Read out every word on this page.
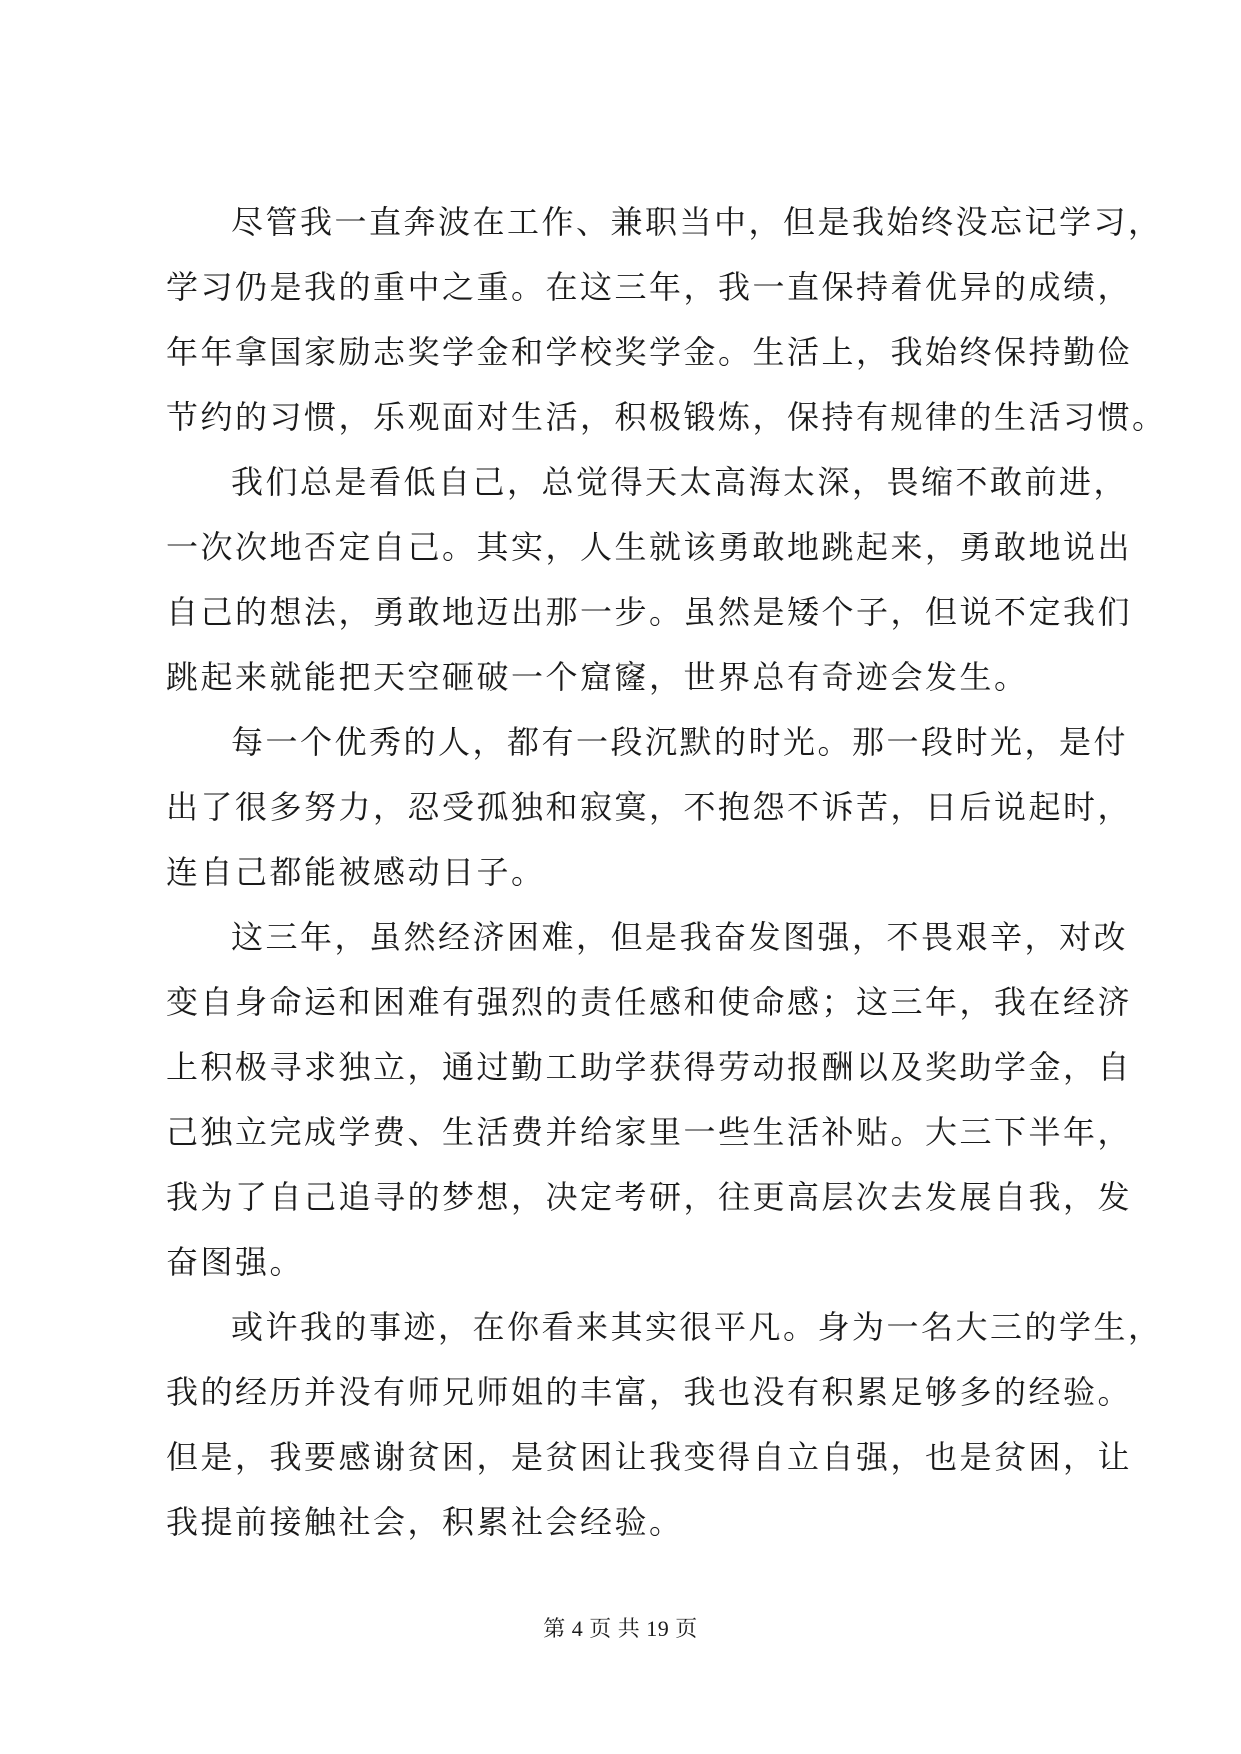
尽管我一直奔波在工作、兼职当中，但是我始终没忘记学习，
学习仍是我的重中之重。在这三年，我一直保持着优异的成绩，
年年拿国家励志奖学金和学校奖学金。生活上，我始终保持勤俭
节约的习惯，乐观面对生活，积极锻炼，保持有规律的生活习惯。
我们总是看低自己，总觉得天太高海太深，畏缩不敢前进，
一次次地否定自己。其实，人生就该勇敢地跳起来，勇敢地说出
自己的想法，勇敢地迈出那一步。虽然是矮个子，但说不定我们
跳起来就能把天空砸破一个窟窿，世界总有奇迹会发生。
每一个优秀的人，都有一段沉默的时光。那一段时光，是付
出了很多努力，忍受孤独和寂寞，不抱怨不诉苦，日后说起时，
连自己都能被感动日子。
这三年，虽然经济困难，但是我奋发图强，不畏艰辛，对改
变自身命运和困难有强烈的责任感和使命感；这三年，我在经济
上积极寻求独立，通过勤工助学获得劳动报酬以及奖助学金，自
己独立完成学费、生活费并给家里一些生活补贴。大三下半年，
我为了自己追寻的梦想，决定考研，往更高层次去发展自我，发
奋图强。
或许我的事迹，在你看来其实很平凡。身为一名大三的学生，
我的经历并没有师兄师姐的丰富，我也没有积累足够多的经验。
但是，我要感谢贫困，是贫困让我变得自立自强，也是贫困，让
我提前接触社会，积累社会经验。
第 4 页 共 19 页
